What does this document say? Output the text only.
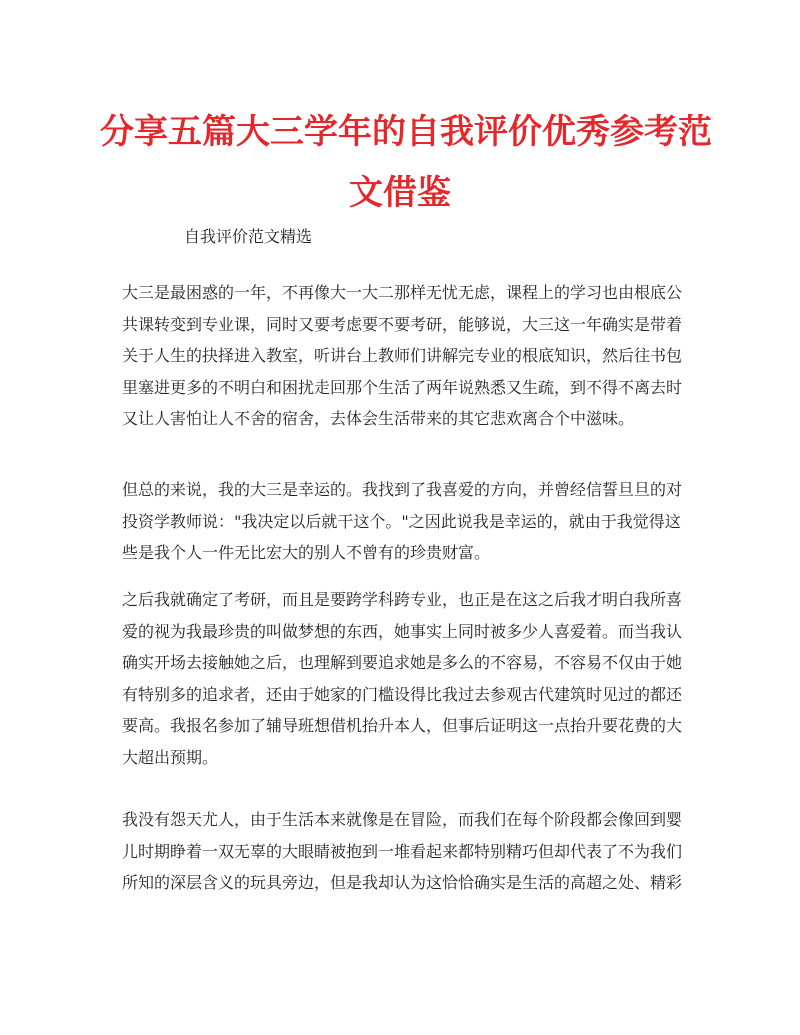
分享五篇大三学年的自我评价优秀参考范
文借鉴
自我评价范文精选
大三是最困惑的一年，不再像大一大二那样无忧无虑，课程上的学习也由根底公
共课转变到专业课，同时又要考虑要不要考研，能够说，大三这一年确实是带着
关于人生的抉择进入教室，听讲台上教师们讲解完专业的根底知识，然后往书包
里塞进更多的不明白和困扰走回那个生活了两年说熟悉又生疏，到不得不离去时
又让人害怕让人不舍的宿舍，去体会生活带来的其它悲欢离合个中滋味。
但总的来说，我的大三是幸运的。我找到了我喜爱的方向，并曾经信誓旦旦的对
投资学教师说："我决定以后就干这个。"之因此说我是幸运的，就由于我觉得这
些是我个人一件无比宏大的别人不曾有的珍贵财富。
之后我就确定了考研，而且是要跨学科跨专业，也正是在这之后我才明白我所喜
爱的视为我最珍贵的叫做梦想的东西，她事实上同时被多少人喜爱着。而当我认
确实开场去接触她之后，也理解到要追求她是多么的不容易，不容易不仅由于她
有特别多的追求者，还由于她家的门槛设得比我过去参观古代建筑时见过的都还
要高。我报名参加了辅导班想借机抬升本人，但事后证明这一点抬升要花费的大
大超出预期。
我没有怨天尤人，由于生活本来就像是在冒险，而我们在每个阶段都会像回到婴
儿时期睁着一双无辜的大眼睛被抱到一堆看起来都特别精巧但却代表了不为我们
所知的深层含义的玩具旁边，但是我却认为这恰恰确实是生活的高超之处、精彩
